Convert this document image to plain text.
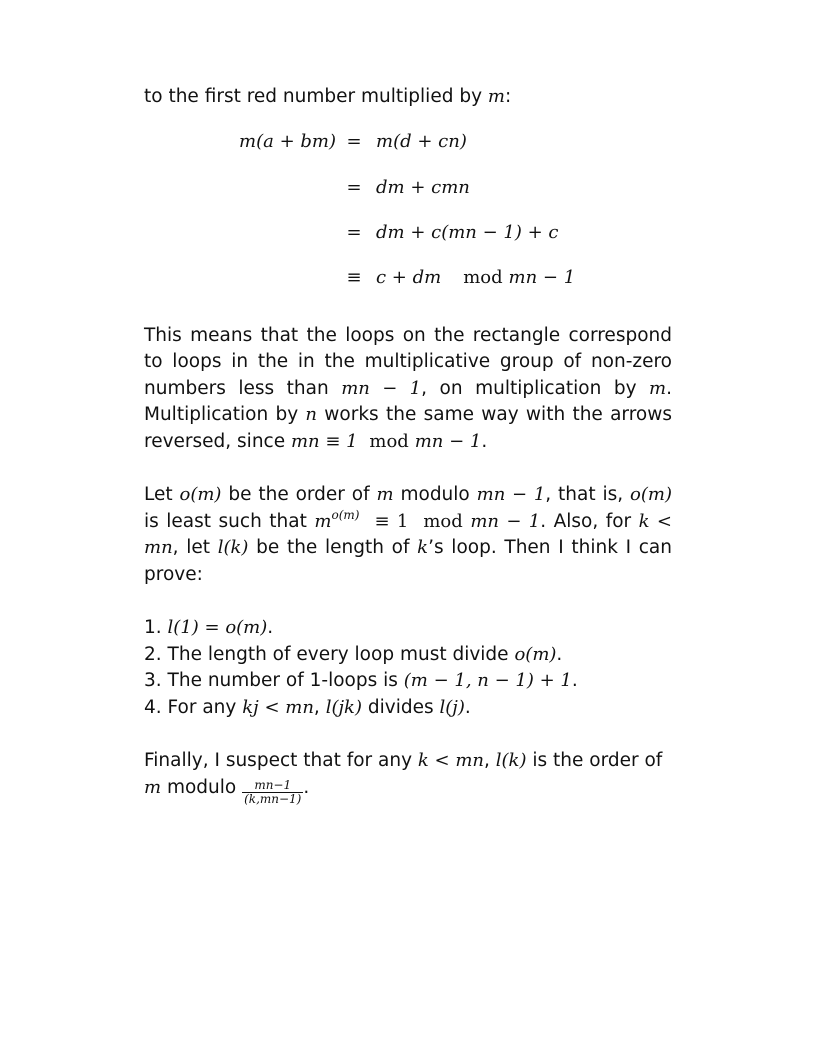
to the first red number multiplied by m:

m(a + bm) = m(d + cn)
= dm + cmn
= dm + c(mn − 1) + c
≡ c + dm mod mn − 1

This means that the loops on the rectangle correspond to loops in the in the multiplicative group of non-zero numbers less than mn − 1, on multiplication by m. Multiplication by n works the same way with the arrows reversed, since mn ≡ 1 mod mn − 1.

Let o(m) be the order of m modulo mn − 1, that is, o(m) is least such that $m^{o(m)} \equiv 1$ mod mn − 1. Also, for k < mn, let l(k) be the length of k’s loop. Then I think I can prove:

1. l(1) = o(m).

2. The length of every loop must divide o(m).

3. The number of 1-loops is (m − 1, n − 1) + 1.

4. For any kj < mn, l(jk) divides l(j).

Finally, I suspect that for any k < mn, l(k) is the order of
m modulo $\frac{mn-1}{(k,mn-1)}$ .
